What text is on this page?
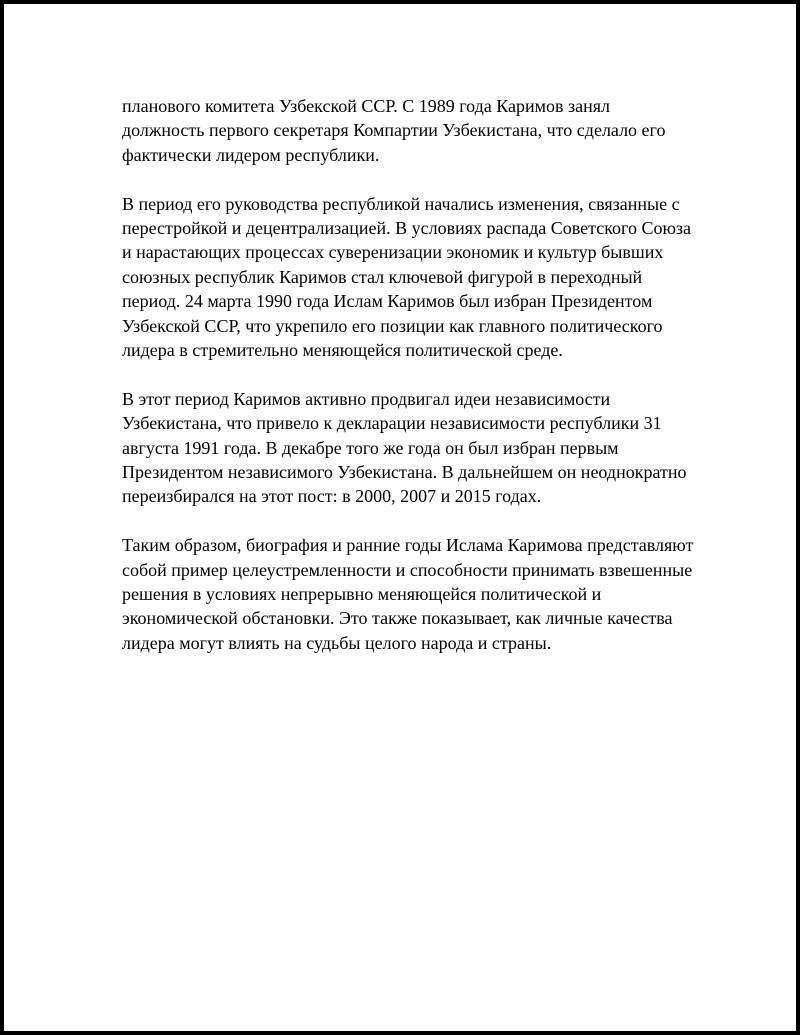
планового комитета Узбекской ССР. С 1989 года Каримов занял должность первого секретаря Компартии Узбекистана, что сделало его фактически лидером республики.

В период его руководства республикой начались изменения, связанные с перестройкой и децентрализацией. В условиях распада Советского Союза и нарастающих процессах суверенизации экономик и культур бывших союзных республик Каримов стал ключевой фигурой в переходный период. 24 марта 1990 года Ислам Каримов был избран Президентом Узбекской ССР, что укрепило его позиции как главного политического лидера в стремительно меняющейся политической среде.

В этот период Каримов активно продвигал идеи независимости Узбекистана, что привело к декларации независимости республики 31 августа 1991 года. В декабре того же года он был избран первым Президентом независимого Узбекистана. В дальнейшем он неоднократно переизбирался на этот пост: в 2000, 2007 и 2015 годах.

Таким образом, биография и ранние годы Ислама Каримова представляют собой пример целеустремленности и способности принимать взвешенные решения в условиях непрерывно меняющейся политической и экономической обстановки. Это также показывает, как личные качества лидера могут влиять на судьбы целого народа и страны.
